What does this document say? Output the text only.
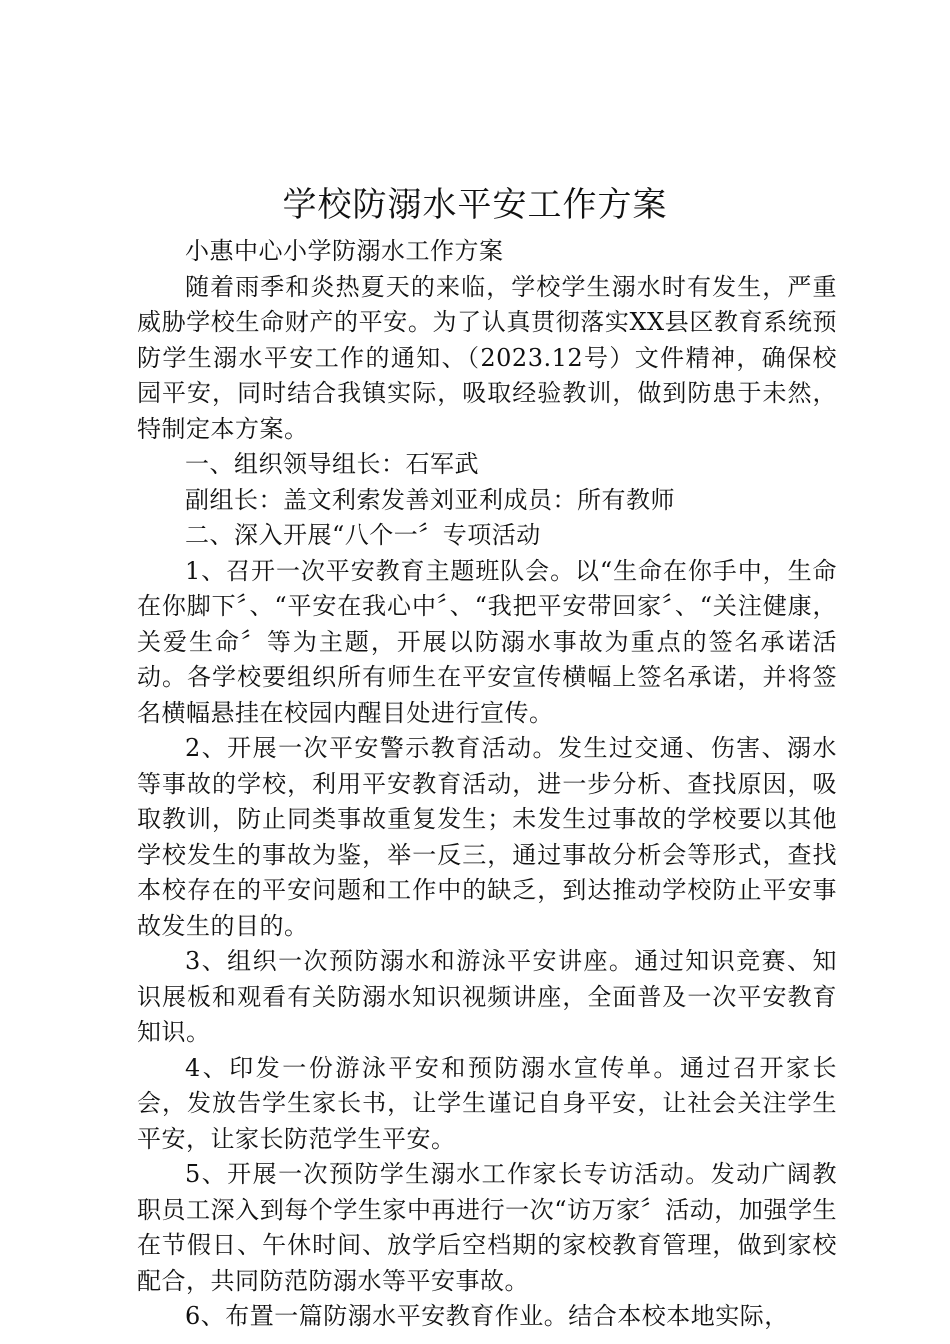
学校防溺水平安工作方案

小惠中心小学防溺水工作方案

随着雨季和炎热夏天的来临，学校学生溺水时有发生，严重威胁学校生命财产的平安。为了认真贯彻落实XX县区教育系统预防学生溺水平安工作的通知、（2023.12号）文件精神，确保校园平安，同时结合我镇实际，吸取经验教训，做到防患于未然，特制定本方案。

一、组织领导组长：石军武

副组长：盖文利索发善刘亚利成员：所有教师

二、深入开展“八个一〞专项活动

1、召开一次平安教育主题班队会。以“生命在你手中，生命在你脚下〞、“平安在我心中〞、“我把平安带回家〞、“关注健康，关爱生命〞等为主题，开展以防溺水事故为重点的签名承诺活动。各学校要组织所有师生在平安宣传横幅上签名承诺，并将签名横幅悬挂在校园内醒目处进行宣传。

2、开展一次平安警示教育活动。发生过交通、伤害、溺水等事故的学校，利用平安教育活动，进一步分析、查找原因，吸取教训，防止同类事故重复发生；未发生过事故的学校要以其他学校发生的事故为鉴，举一反三，通过事故分析会等形式，查找本校存在的平安问题和工作中的缺乏，到达推动学校防止平安事故发生的目的。

3、组织一次预防溺水和游泳平安讲座。通过知识竞赛、知识展板和观看有关防溺水知识视频讲座，全面普及一次平安教育知识。

4、印发一份游泳平安和预防溺水宣传单。通过召开家长会，发放告学生家长书，让学生谨记自身平安，让社会关注学生平安，让家长防范学生平安。

5、开展一次预防学生溺水工作家长专访活动。发动广阔教职员工深入到每个学生家中再进行一次“访万家〞活动，加强学生在节假日、午休时间、放学后空档期的家校教育管理，做到家校配合，共同防范防溺水等平安事故。

6、布置一篇防溺水平安教育作业。结合本校本地实际，
